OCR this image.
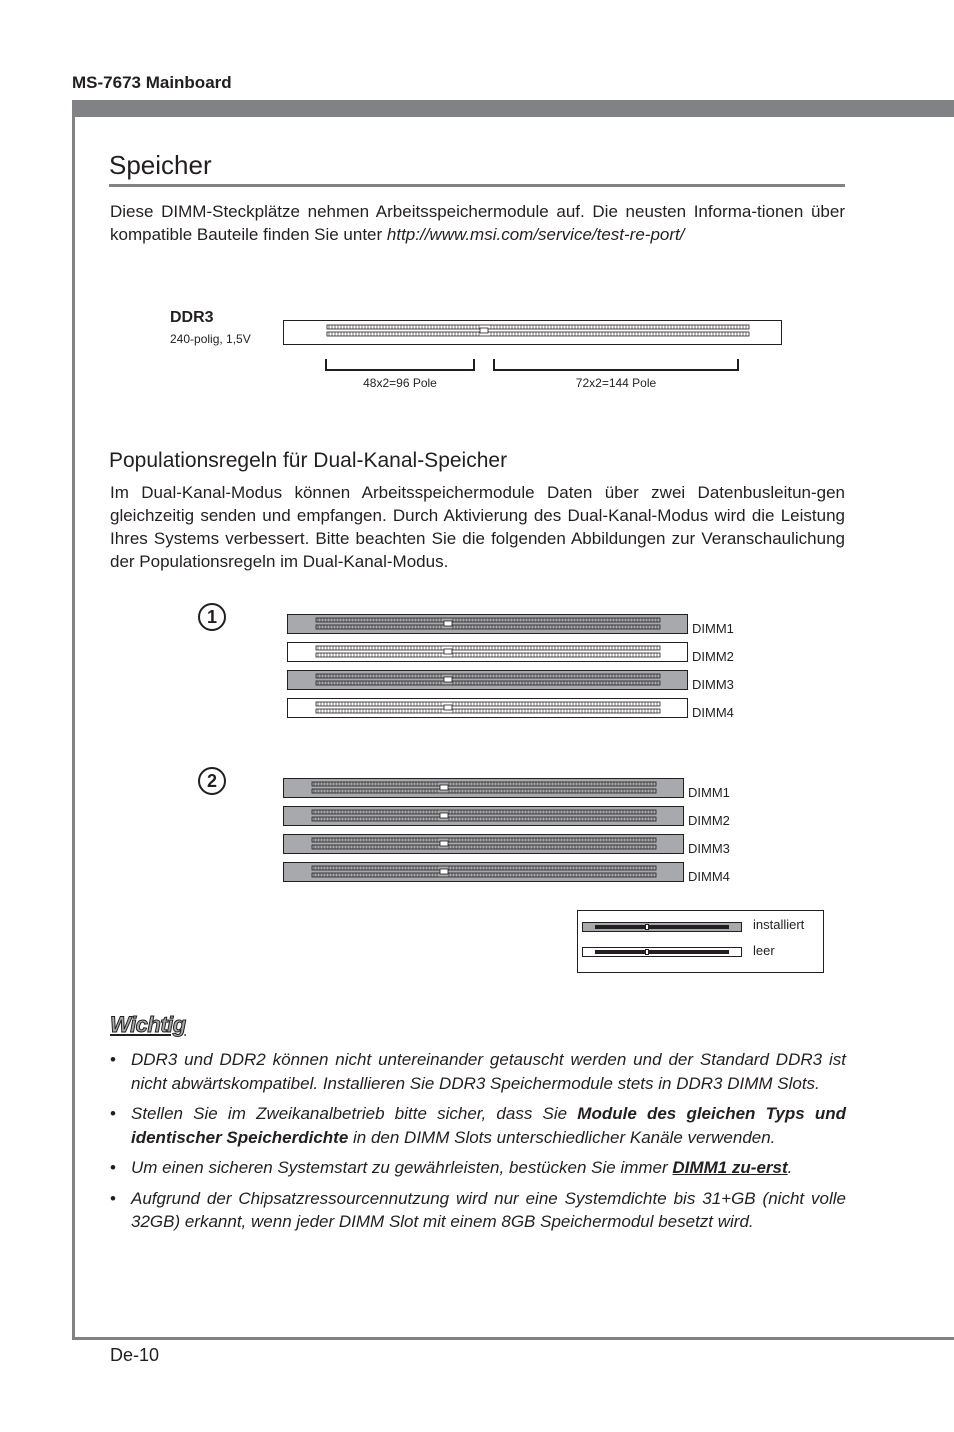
MS-7673 Mainboard
Speicher

Diese DIMM-Steckplätze nehmen Arbeitsspeichermodule auf. Die neusten Informa-tionen über kompatible Bauteile finden Sie unter http://www.msi.com/service/test-re-port/

DDR3
240-polig, 1,5V
48x2=96 Pole	72x2=144 Pole
Populationsregeln für Dual-Kanal-Speicher

Im Dual-Kanal-Modus können Arbeitsspeichermodule Daten über zwei Datenbusleitun-gen gleichzeitig senden und empfangen. Durch Aktivierung des Dual-Kanal-Modus wird die Leistung Ihres Systems verbessert. Bitte beachten Sie die folgenden Abbildungen zur Veranschaulichung der Populationsregeln im Dual-Kanal-Modus.

1
2
DIMM1
DIMM2
DIMM3
DIMM4
DIMM1
DIMM2
DIMM3
DIMM4
installiert
leer
Wichtig
• DDR3 und DDR2 können nicht untereinander getauscht werden und der Standard DDR3 ist nicht abwärtskompatibel. Installieren Sie DDR3 Speichermodule stets in DDR3 DIMM Slots.
• Stellen Sie im Zweikanalbetrieb bitte sicher, dass Sie Module des gleichen Typs und identischer Speicherdichte in den DIMM Slots unterschiedlicher Kanäle verwenden.
• Um einen sicheren Systemstart zu gewährleisten, bestücken Sie immer DIMM1 zu-erst.
• Aufgrund der Chipsatzressourcennutzung wird nur eine Systemdichte bis 31+GB (nicht volle 32GB) erkannt, wenn jeder DIMM Slot mit einem 8GB Speichermodul besetzt wird.
De-10
